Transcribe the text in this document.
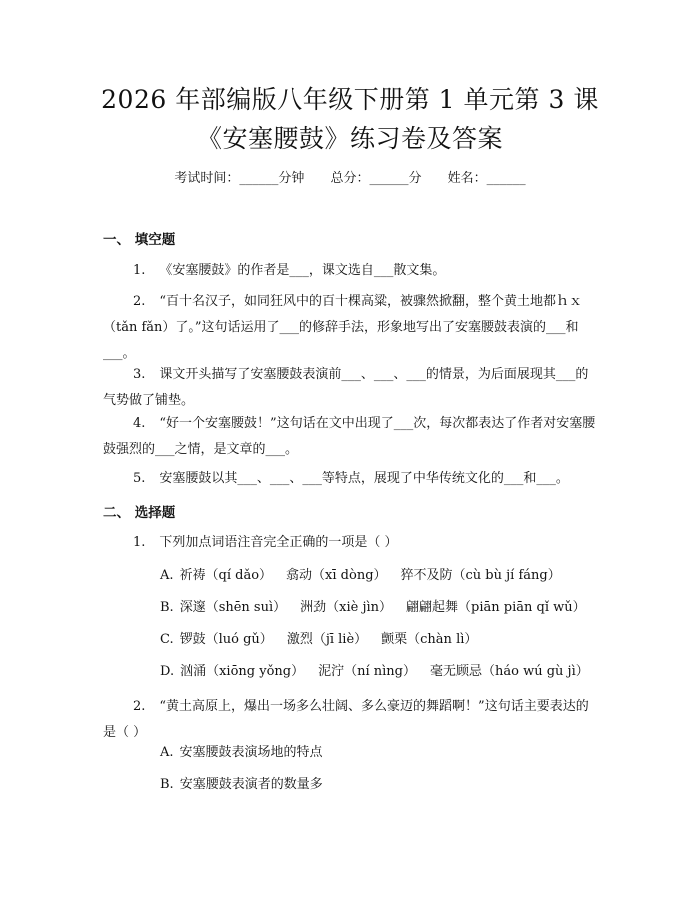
2026 年部编版八年级下册第 1 单元第 3 课
《安塞腰鼓》练习卷及答案
考试时间：______分钟 总分：______分 姓名：______
一、 填空题
1. 《安塞腰鼓》的作者是___，课文选自___散文集。
2. “百十名汉子，如同狂风中的百十棵高粱，被骤然掀翻，整个黄土地都ｈｘ（tǎn fǎn）了。”这句话运用了___的修辞手法，形象地写出了安塞腰鼓表演的___和___。
3. 课文开头描写了安塞腰鼓表演前___、___、___的情景，为后面展现其___的气势做了铺垫。
4. “好一个安塞腰鼓！”这句话在文中出现了___次，每次都表达了作者对安塞腰鼓强烈的___之情，是文章的___。
5. 安塞腰鼓以其___、___、___等特点，展现了中华传统文化的___和___。
二、 选择题
1. 下列加点词语注音完全正确的一项是（ ）
A. 祈祷（qí dǎo） 翕动（xī dòng） 猝不及防（cù bù jí fáng）
B. 深邃（shēn suì） 洲劲（xiè jìn） 翩翩起舞（piān piān qǐ wǔ）
C. 锣鼓（luó gǔ） 激烈（jī liè） 颤栗（chàn lì）
D. 汹涌（xiōng yǒng） 泥泞（ní nìng） 毫无顾忌（háo wú gù jì）
2. “黄土高原上，爆出一场多么壮阔、多么豪迈的舞蹈啊！”这句话主要表达的是（ ）
A. 安塞腰鼓表演场地的特点
B. 安塞腰鼓表演者的数量多
